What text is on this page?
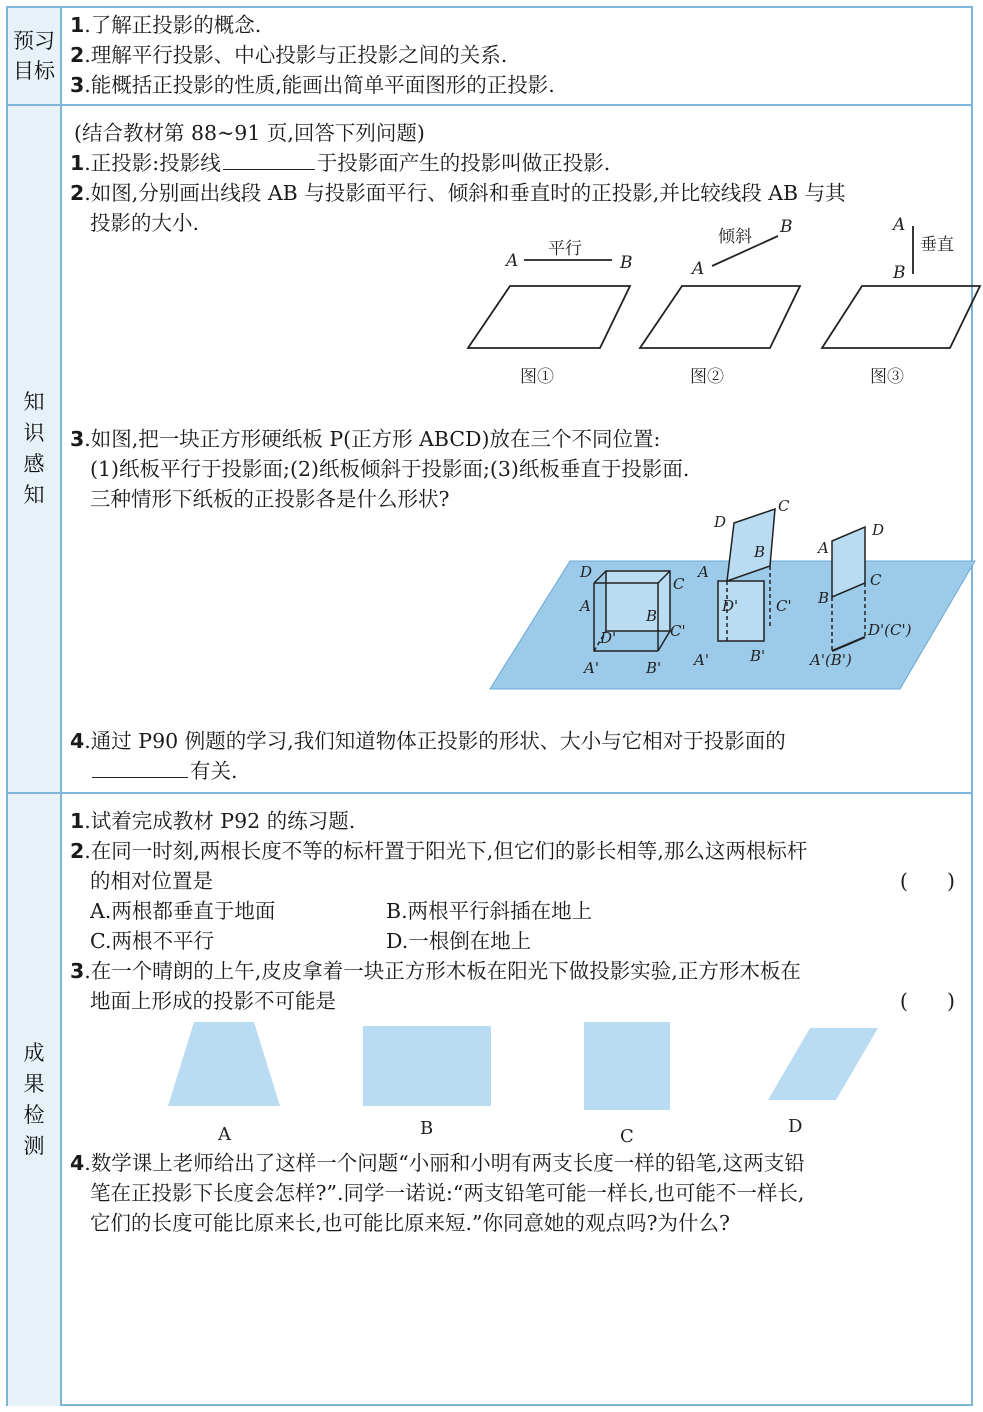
预习目标
1.了解正投影的概念.
2.理解平行投影、中心投影与正投影之间的关系.
3.能概括正投影的性质,能画出简单平面图形的正投影.
知识感知
(结合教材第 88~91 页,回答下列问题)
1.正投影:投影线	于投影面产生的投影叫做正投影.
2.如图,分别画出线段 AB 与投影面平行、倾斜和垂直时的正投影,并比较线段 AB 与其
投影的大小.
A	B
平行
A
B
倾斜
A
B
垂直
图①	图②	图③
3.如图,把一块正方形硬纸板 P(正方形 ABCD)放在三个不同位置:
(1)纸板平行于投影面;(2)纸板倾斜于投影面;(3)纸板垂直于投影面.
三种情形下纸板的正投影各是什么形状?
D
A
C
B
C'
D'
A'	B'
D
C
B
A
D'	C'
A'	B'
A
D
B
C
D'(C')
A'(B')
4.通过 P90 例题的学习,我们知道物体正投影的形状、大小与它相对于投影面的
有关.
成果检测
1.试着完成教材 P92 的练习题.
2.在同一时刻,两根长度不等的标杆置于阳光下,但它们的影长相等,那么这两根标杆
的相对位置是	(      )
A.两根都垂直于地面	B.两根平行斜插在地上
C.两根不平行	D.一根倒在地上
3.在一个晴朗的上午,皮皮拿着一块正方形木板在阳光下做投影实验,正方形木板在
地面上形成的投影不可能是	(      )
A	B	C	D
4.数学课上老师给出了这样一个问题“小丽和小明有两支长度一样的铅笔,这两支铅
笔在正投影下长度会怎样?”.同学一诺说:“两支铅笔可能一样长,也可能不一样长,
它们的长度可能比原来长,也可能比原来短.”你同意她的观点吗?为什么?
